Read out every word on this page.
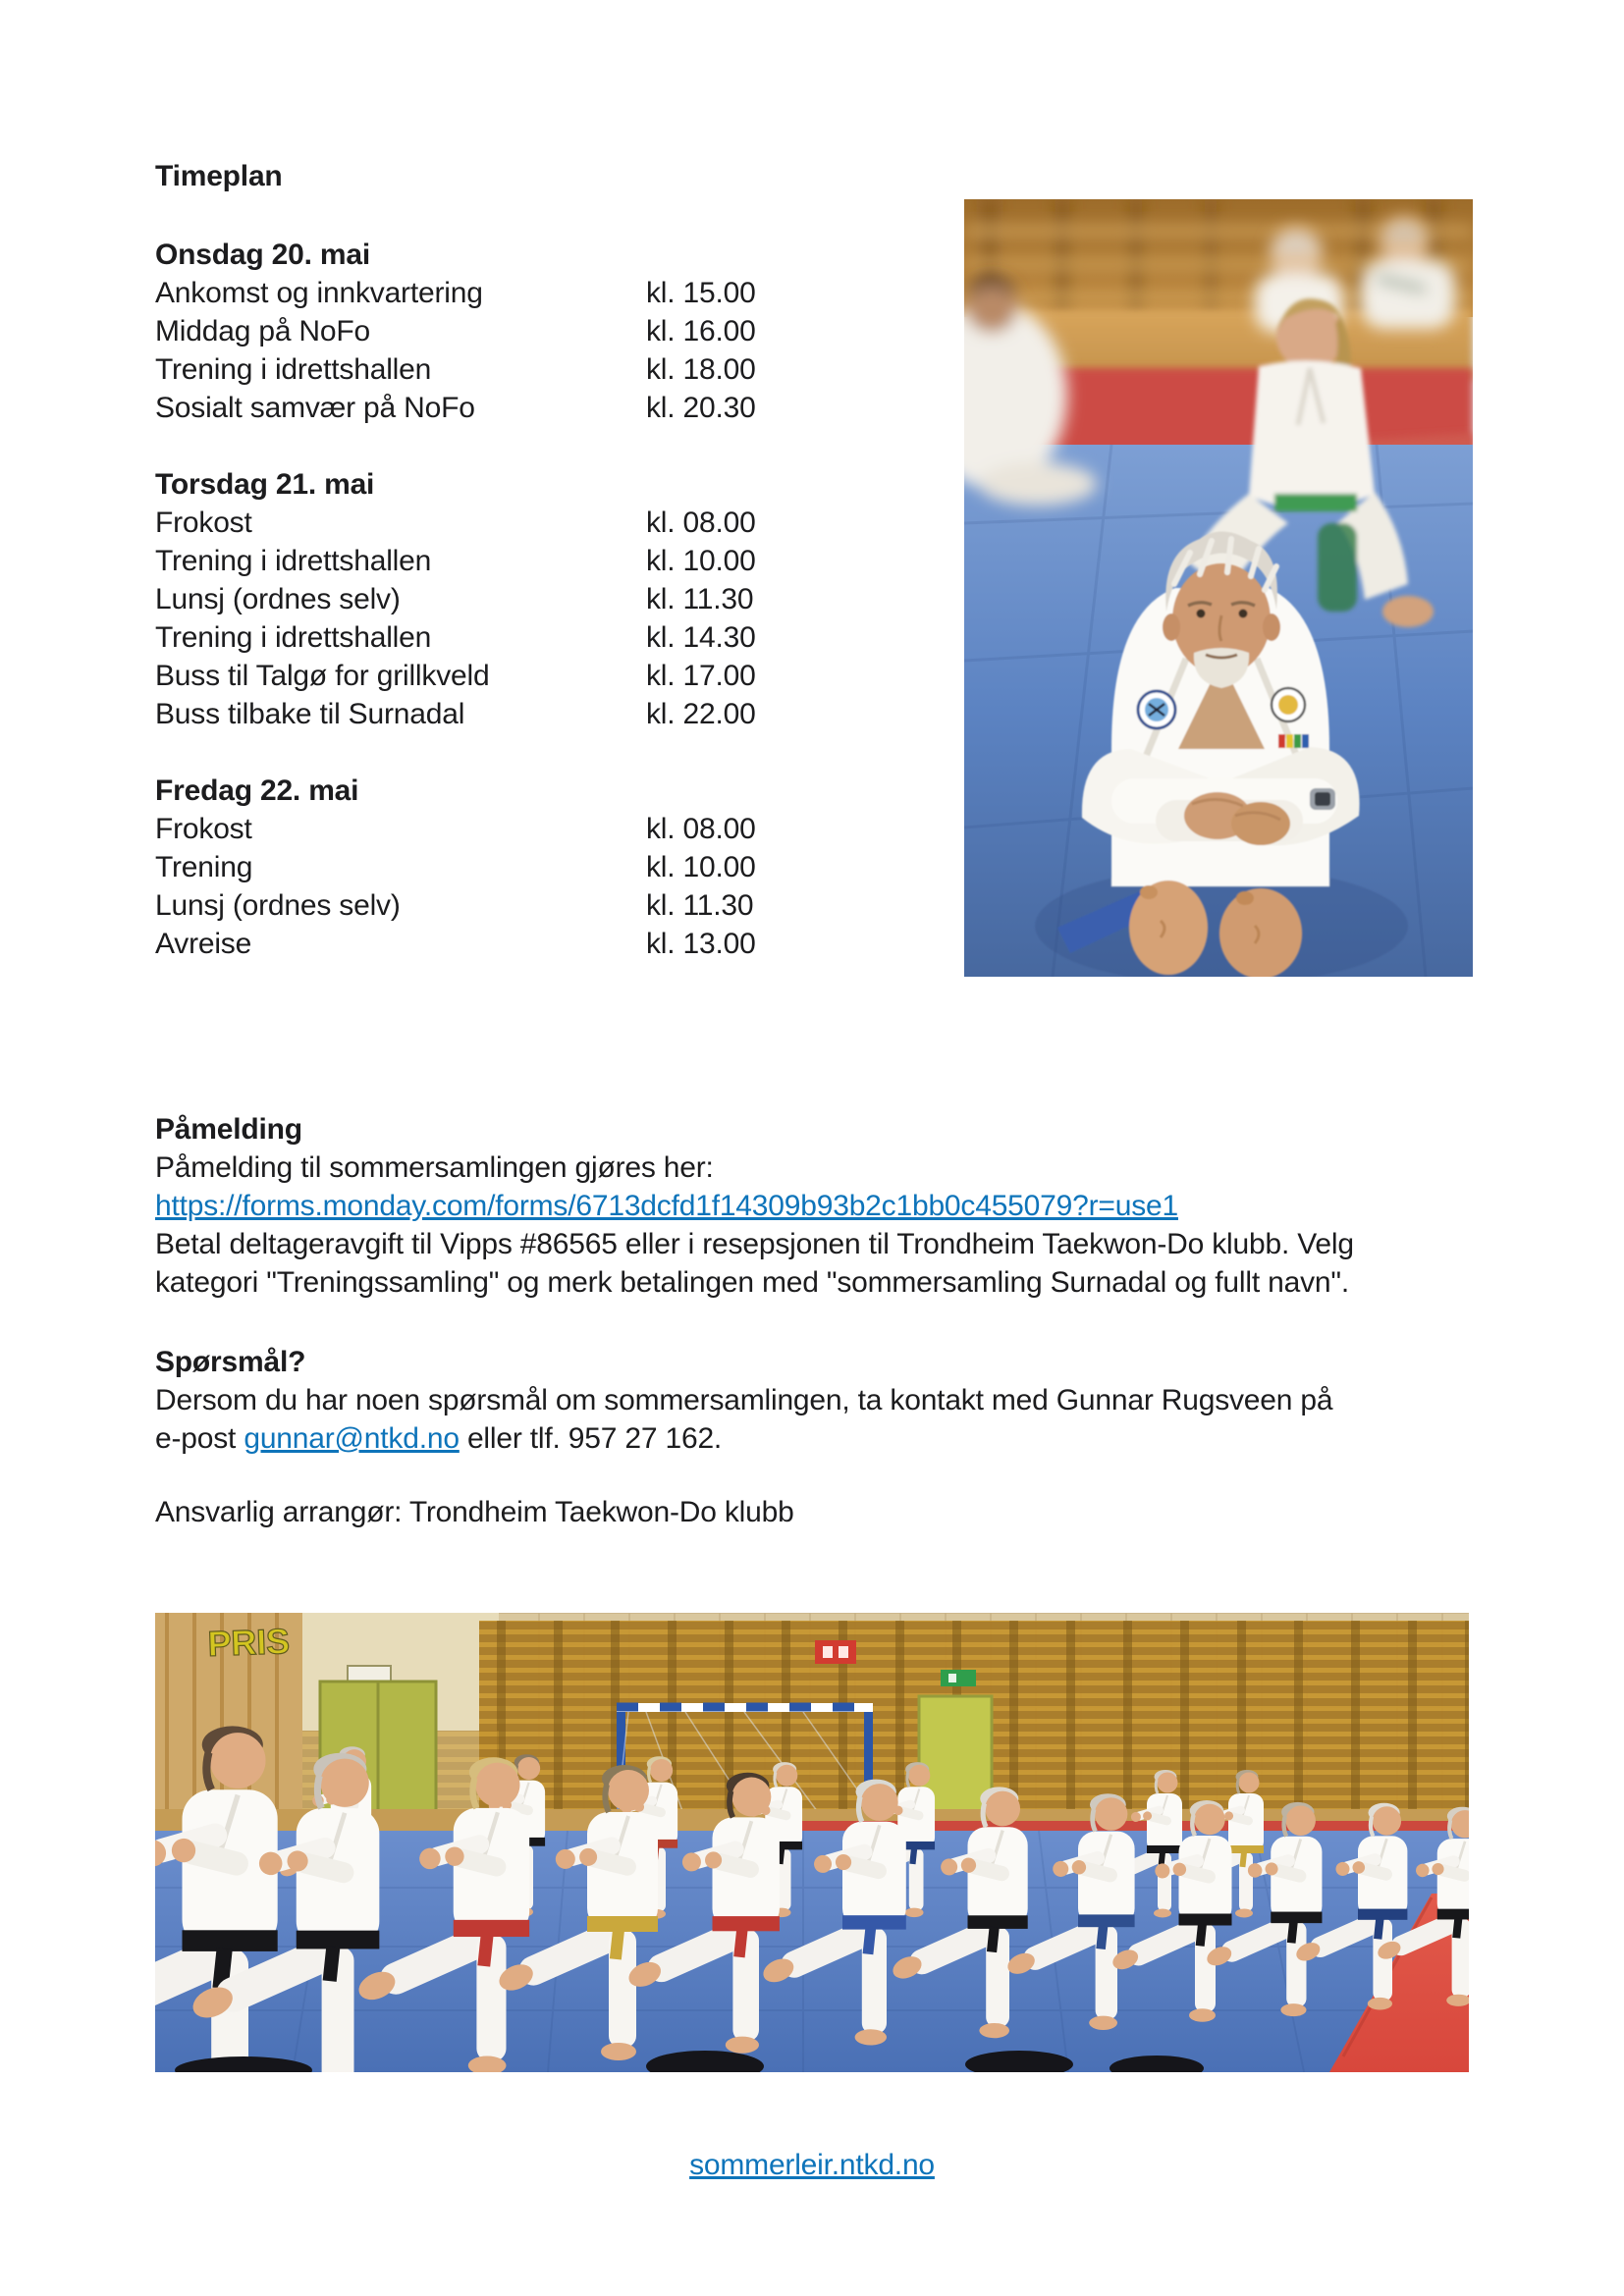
Timeplan
Onsdag 20. mai
Ankomst og innkvartering	kl. 15.00
Middag på NoFo	kl. 16.00
Trening i idrettshallen	kl. 18.00
Sosialt samvær på NoFo	kl. 20.30
Torsdag 21. mai
Frokost	kl. 08.00
Trening i idrettshallen	kl. 10.00
Lunsj (ordnes selv)	kl. 11.30
Trening i idrettshallen	kl. 14.30
Buss til Talgø for grillkveld	kl. 17.00
Buss tilbake til Surnadal	kl. 22.00
Fredag 22. mai
Frokost	kl. 08.00
Trening	kl. 10.00
Lunsj (ordnes selv)	kl. 11.30
Avreise	kl. 13.00
Påmelding
Påmelding til sommersamlingen gjøres her:
https://forms.monday.com/forms/6713dcfd1f14309b93b2c1bb0c455079?r=use1
Betal deltageravgift til Vipps #86565 eller i resepsjonen til Trondheim Taekwon-Do klubb. Velg
kategori "Treningssamling" og merk betalingen med "sommersamling Surnadal og fullt navn".
Spørsmål?
Dersom du har noen spørsmål om sommersamlingen, ta kontakt med Gunnar Rugsveen på
e-post gunnar@ntkd.no eller tlf. 957 27 162.
Ansvarlig arrangør: Trondheim Taekwon-Do klubb
PRIS
sommerleir.ntkd.no
